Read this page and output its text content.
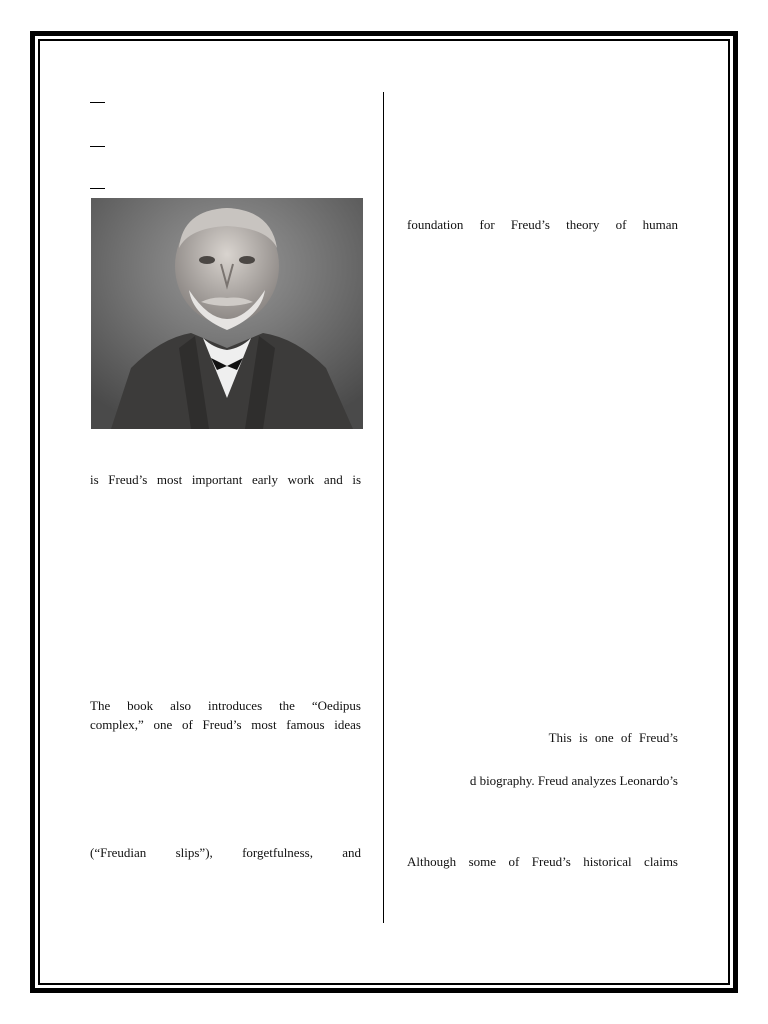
is Freud’s most important early work and is
The book also introduces the “Oedipus
complex,” one of Freud’s most famous ideas
(“Freudian slips”), forgetfulness, and
foundation for Freud’s theory of human
This is one of Freud’s
d biography. Freud analyzes Leonardo’s
Although some of Freud’s historical claims
